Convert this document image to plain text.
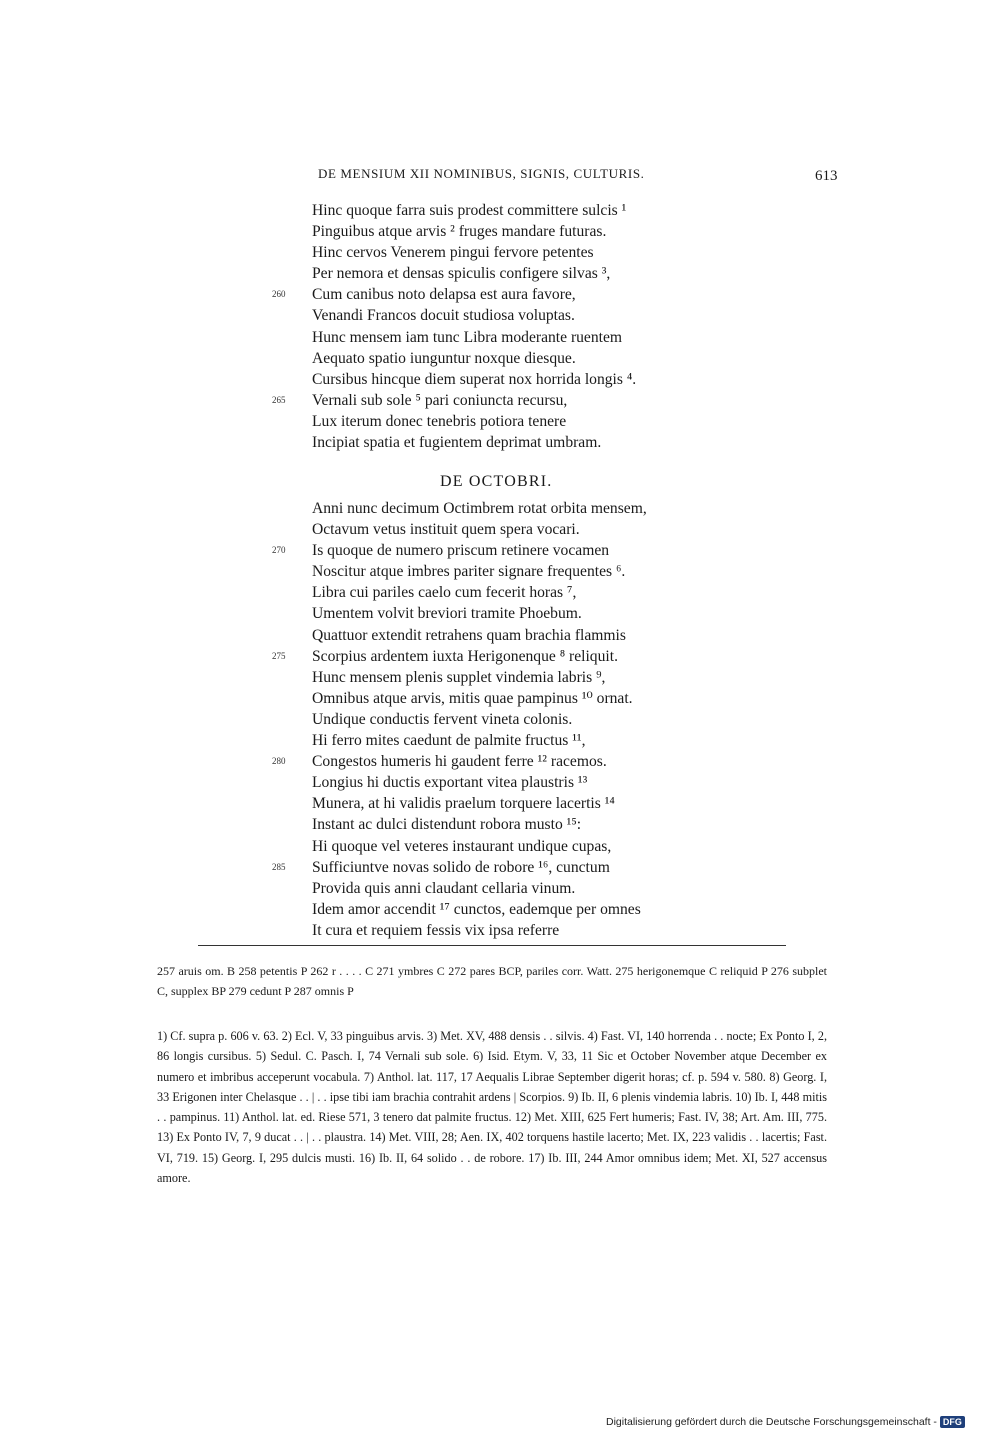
DE MENSIUM XII NOMINIBUS, SIGNIS, CULTURIS.	613
Hinc quoque farra suis prodest committere sulcis ¹
Pinguibus atque arvis ² fruges mandare futuras.
Hinc cervos Venerem pingui fervore petentes
Per nemora et densas spiculis configere silvas ³,
260	Cum canibus noto delapsa est aura favore,
Venandi Francos docuit studiosa voluptas.
Hunc mensem iam tunc Libra moderante ruentem
Aequato spatio iunguntur noxque diesque.
Cursibus hincque diem superat nox horrida longis ⁴.
265	Vernali sub sole ⁵ pari coniuncta recursu,
Lux iterum donec tenebris potiora tenere
Incipiat spatia et fugientem deprimat umbram.
DE OCTOBRI.
Anni nunc decimum Octimbrem rotat orbita mensem,
Octavum vetus instituit quem spera vocari.
270	Is quoque de numero priscum retinere vocamen
Noscitur atque imbres pariter signare frequentes ⁶.
Libra cui pariles caelo cum fecerit horas ⁷,
Umentem volvit breviori tramite Phoebum.
Quattuor extendit retrahens quam brachia flammis
275	Scorpius ardentem iuxta Herigonenque ⁸ reliquit.
Hunc mensem plenis supplet vindemia labris ⁹,
Omnibus atque arvis, mitis quae pampinus ¹⁰ ornat.
Undique conductis fervent vineta colonis.
Hi ferro mites caedunt de palmite fructus ¹¹,
280	Congestos humeris hi gaudent ferre ¹² racemos.
Longius hi ductis exportant vitea plaustris ¹³
Munera, at hi validis praelum torquere lacertis ¹⁴
Instant ac dulci distendunt robora musto ¹⁵:
Hi quoque vel veteres instaurant undique cupas,
285	Sufficiuntve novas solido de robore ¹⁶, cunctum
Provida quis anni claudant cellaria vinum.
Idem amor accendit ¹⁷ cunctos, eademque per omnes
It cura et requiem fessis vix ipsa referre

257 aruis om. B 258 petentis P 262 r . . . . C 271 ymbres C 272 pares BCP, pariles corr. Watt. 275 herigonemque C reliquid P 276 subplet C, supplex BP 279 cedunt P 287 omnis P

1) Cf. supra p. 606 v. 63. 2) Ecl. V, 33 pinguibus arvis. 3) Met. XV, 488 densis . . silvis. 4) Fast. VI, 140 horrenda . . nocte; Ex Ponto I, 2, 86 longis cursibus. 5) Sedul. C. Pasch. I, 74 Vernali sub sole. 6) Isid. Etym. V, 33, 11 Sic et October November atque December ex numero et imbribus acceperunt vocabula. 7) Anthol. lat. 117, 17 Aequalis Librae September digerit horas; cf. p. 594 v. 580. 8) Georg. I, 33 Erigonen inter Chelasque . . | . . ipse tibi iam brachia contrahit ardens | Scorpios. 9) Ib. II, 6 plenis vindemia labris. 10) Ib. I, 448 mitis . . pampinus. 11) Anthol. lat. ed. Riese 571, 3 tenero dat palmite fructus. 12) Met. XIII, 625 Fert humeris; Fast. IV, 38; Art. Am. III, 775. 13) Ex Ponto IV, 7, 9 ducat . . | . . plaustra. 14) Met. VIII, 28; Aen. IX, 402 torquens hastile lacerto; Met. IX, 223 validis . . lacertis; Fast. VI, 719. 15) Georg. I, 295 dulcis musti. 16) Ib. II, 64 solido . . de robore. 17) Ib. III, 244 Amor omnibus idem; Met. XI, 527 accensus amore.

Digitalisierung gefördert durch die Deutsche Forschungsgemeinschaft - DFG
